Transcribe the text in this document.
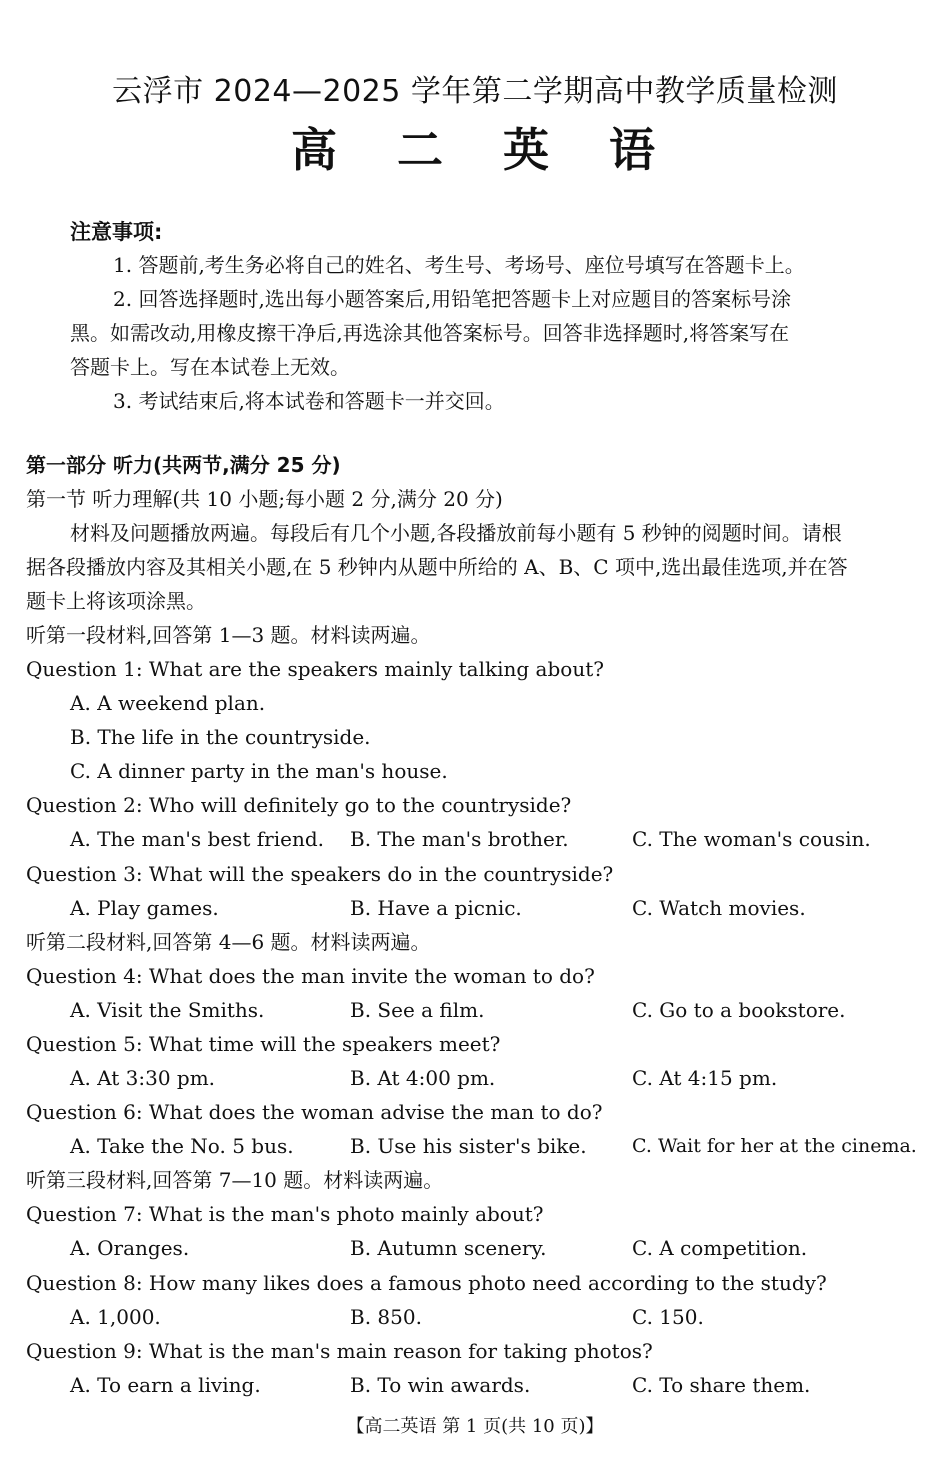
云浮市 2024—2025 学年第二学期高中教学质量检测
高 二 英 语
注意事项:
1. 答题前,考生务必将自己的姓名、考生号、考场号、座位号填写在答题卡上。
2. 回答选择题时,选出每小题答案后,用铅笔把答题卡上对应题目的答案标号涂
黑。如需改动,用橡皮擦干净后,再选涂其他答案标号。回答非选择题时,将答案写在
答题卡上。写在本试卷上无效。
3. 考试结束后,将本试卷和答题卡一并交回。
第一部分 听力(共两节,满分 25 分)
第一节 听力理解(共 10 小题;每小题 2 分,满分 20 分)
材料及问题播放两遍。每段后有几个小题,各段播放前每小题有 5 秒钟的阅题时间。请根
据各段播放内容及其相关小题,在 5 秒钟内从题中所给的 A、B、C 项中,选出最佳选项,并在答
题卡上将该项涂黑。
听第一段材料,回答第 1—3 题。材料读两遍。
Question 1: What are the speakers mainly talking about?
A. A weekend plan.
B. The life in the countryside.
C. A dinner party in the man's house.
Question 2: Who will definitely go to the countryside?
A. The man's best friend. B. The man's brother.	C. The woman's cousin.
Question 3: What will the speakers do in the countryside?
A. Play games.	B. Have a picnic.	C. Watch movies.
听第二段材料,回答第 4—6 题。材料读两遍。
Question 4: What does the man invite the woman to do?
A. Visit the Smiths.	B. See a film.	C. Go to a bookstore.
Question 5: What time will the speakers meet?
A. At 3:30 pm.	B. At 4:00 pm.	C. At 4:15 pm.
Question 6: What does the woman advise the man to do?
A. Take the No. 5 bus.	B. Use his sister's bike. C. Wait for her at the cinema.
听第三段材料,回答第 7—10 题。材料读两遍。
Question 7: What is the man's photo mainly about?
A. Oranges.	B. Autumn scenery.	C. A competition.
Question 8: How many likes does a famous photo need according to the study?
A. 1,000.	B. 850.	C. 150.
Question 9: What is the man's main reason for taking photos?
A. To earn a living.	B. To win awards.	C. To share them.
【高二英语 第 1 页(共 10 页)】
